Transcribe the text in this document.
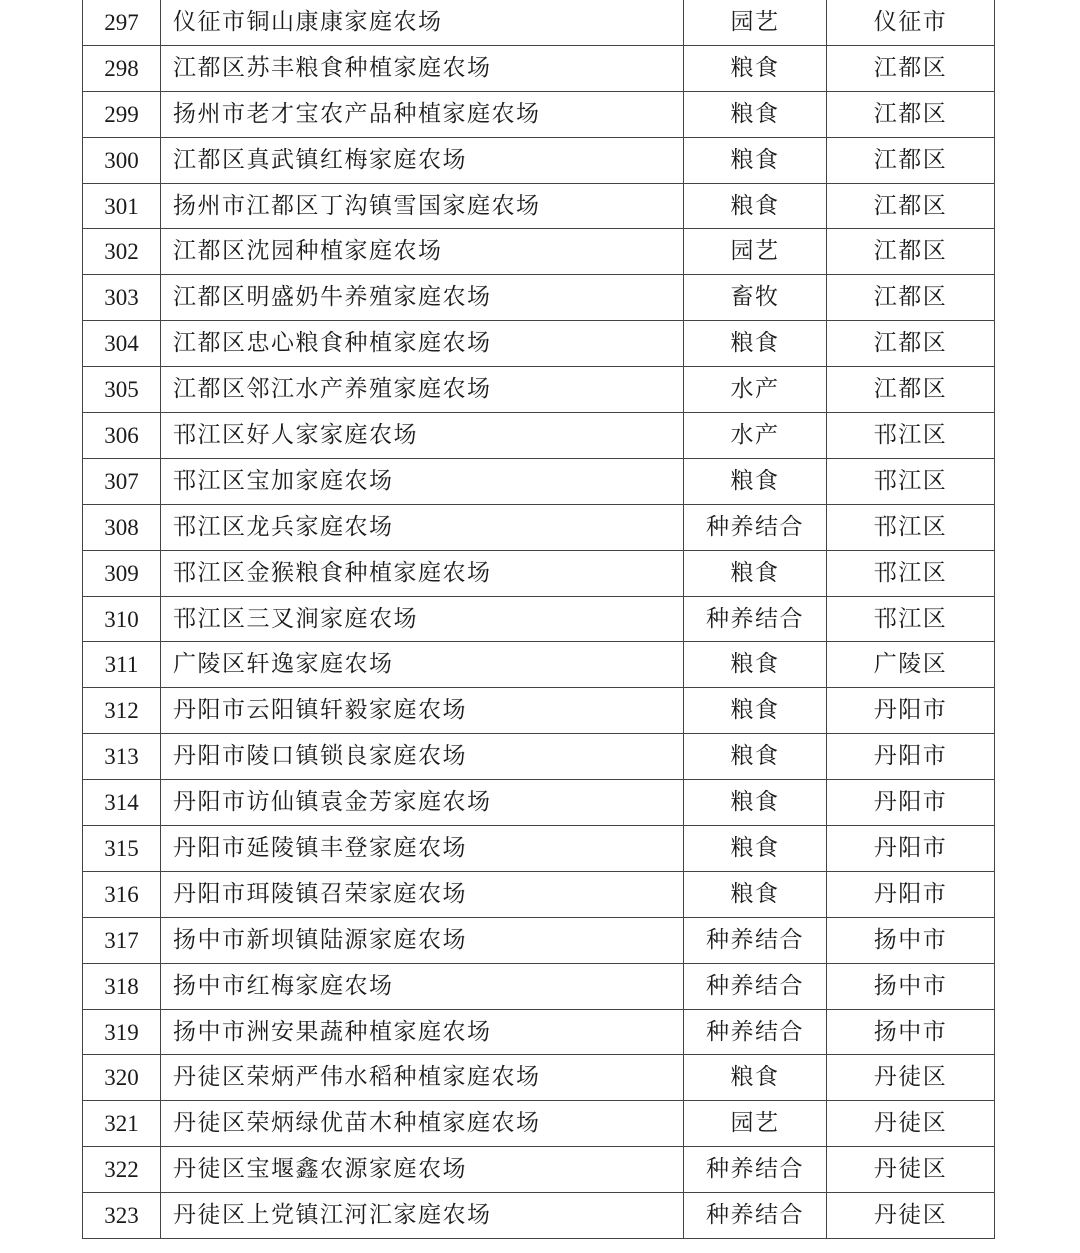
297	仪征市铜山康康家庭农场	园艺	仪征市
298	江都区苏丰粮食种植家庭农场	粮食	江都区
299	扬州市老才宝农产品种植家庭农场	粮食	江都区
300	江都区真武镇红梅家庭农场	粮食	江都区
301	扬州市江都区丁沟镇雪国家庭农场	粮食	江都区
302	江都区沈园种植家庭农场	园艺	江都区
303	江都区明盛奶牛养殖家庭农场	畜牧	江都区
304	江都区忠心粮食种植家庭农场	粮食	江都区
305	江都区邻江水产养殖家庭农场	水产	江都区
306	邗江区好人家家庭农场	水产	邗江区
307	邗江区宝加家庭农场	粮食	邗江区
308	邗江区龙兵家庭农场	种养结合	邗江区
309	邗江区金猴粮食种植家庭农场	粮食	邗江区
310	邗江区三叉涧家庭农场	种养结合	邗江区
311	广陵区轩逸家庭农场	粮食	广陵区
312	丹阳市云阳镇轩毅家庭农场	粮食	丹阳市
313	丹阳市陵口镇锁良家庭农场	粮食	丹阳市
314	丹阳市访仙镇袁金芳家庭农场	粮食	丹阳市
315	丹阳市延陵镇丰登家庭农场	粮食	丹阳市
316	丹阳市珥陵镇召荣家庭农场	粮食	丹阳市
317	扬中市新坝镇陆源家庭农场	种养结合	扬中市
318	扬中市红梅家庭农场	种养结合	扬中市
319	扬中市洲安果蔬种植家庭农场	种养结合	扬中市
320	丹徒区荣炳严伟水稻种植家庭农场	粮食	丹徒区
321	丹徒区荣炳绿优苗木种植家庭农场	园艺	丹徒区
322	丹徒区宝堰鑫农源家庭农场	种养结合	丹徒区
323	丹徒区上党镇江河汇家庭农场	种养结合	丹徒区
